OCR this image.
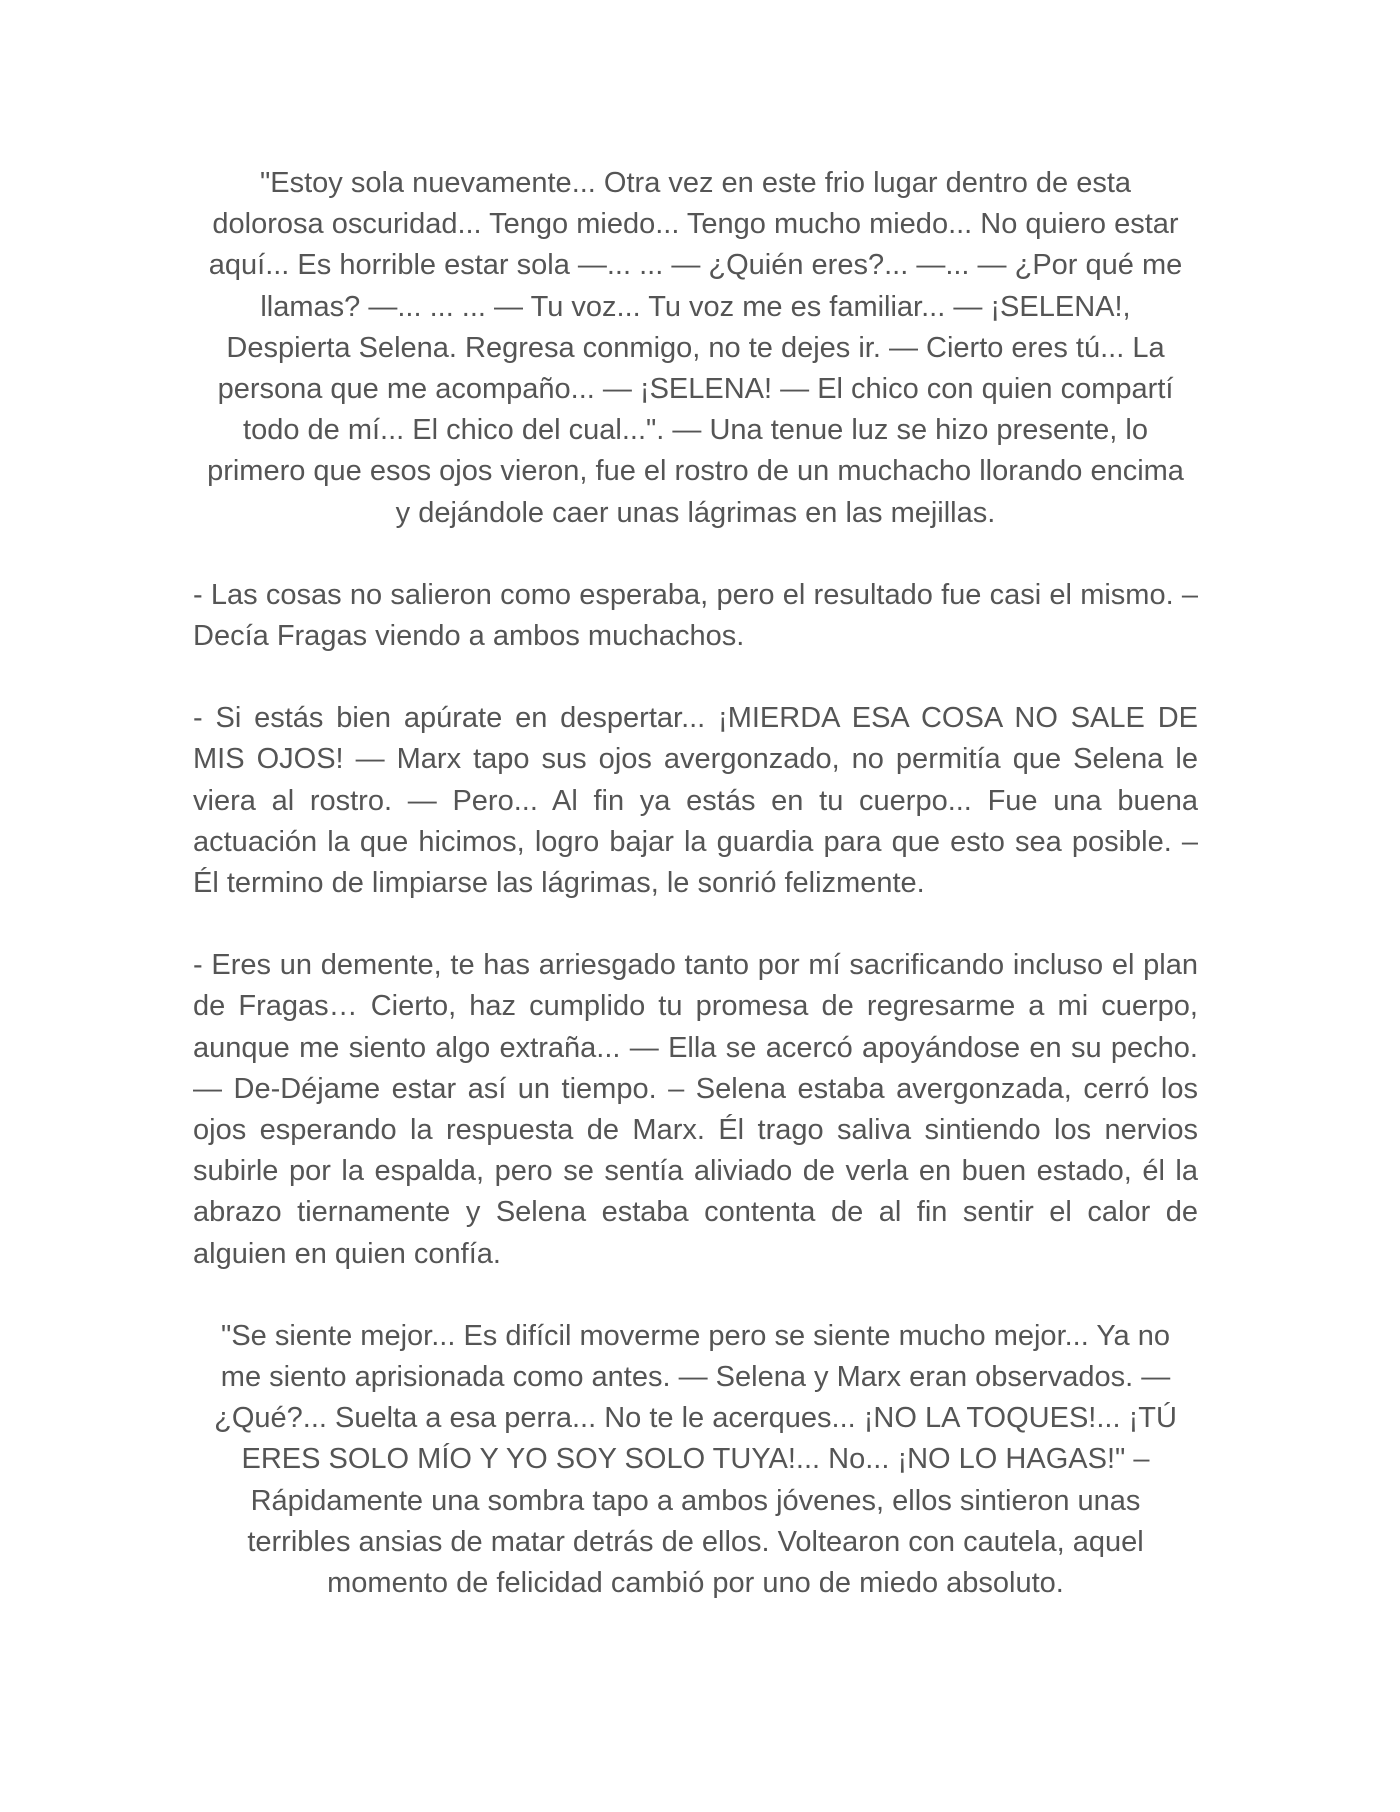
"Estoy sola nuevamente... Otra vez en este frio lugar dentro de esta dolorosa oscuridad... Tengo miedo... Tengo mucho miedo... No quiero estar aquí... Es horrible estar sola —... ... — ¿Quién eres?... —... — ¿Por qué me llamas? —... ... ... — Tu voz... Tu voz me es familiar... — ¡SELENA!, Despierta Selena. Regresa conmigo, no te dejes ir. — Cierto eres tú... La persona que me acompaño... — ¡SELENA! — El chico con quien compartí todo de mí... El chico del cual...". — Una tenue luz se hizo presente, lo primero que esos ojos vieron, fue el rostro de un muchacho llorando encima y dejándole caer unas lágrimas en las mejillas.

- Las cosas no salieron como esperaba, pero el resultado fue casi el mismo. – Decía Fragas viendo a ambos muchachos.

- Si estás bien apúrate en despertar... ¡MIERDA ESA COSA NO SALE DE MIS OJOS! — Marx tapo sus ojos avergonzado, no permitía que Selena le viera al rostro. — Pero... Al fin ya estás en tu cuerpo... Fue una buena actuación la que hicimos, logro bajar la guardia para que esto sea posible. – Él termino de limpiarse las lágrimas, le sonrió felizmente.

- Eres un demente, te has arriesgado tanto por mí sacrificando incluso el plan de Fragas… Cierto, haz cumplido tu promesa de regresarme a mi cuerpo, aunque me siento algo extraña... — Ella se acercó apoyándose en su pecho. — De-Déjame estar así un tiempo. – Selena estaba avergonzada, cerró los ojos esperando la respuesta de Marx. Él trago saliva sintiendo los nervios subirle por la espalda, pero se sentía aliviado de verla en buen estado, él la abrazo tiernamente y Selena estaba contenta de al fin sentir el calor de alguien en quien confía.

"Se siente mejor... Es difícil moverme pero se siente mucho mejor... Ya no me siento aprisionada como antes. — Selena y Marx eran observados. — ¿Qué?... Suelta a esa perra... No te le acerques... ¡NO LA TOQUES!... ¡TÚ ERES SOLO MÍO Y YO SOY SOLO TUYA!... No... ¡NO LO HAGAS!" – Rápidamente una sombra tapo a ambos jóvenes, ellos sintieron unas terribles ansias de matar detrás de ellos. Voltearon con cautela, aquel momento de felicidad cambió por uno de miedo absoluto.
